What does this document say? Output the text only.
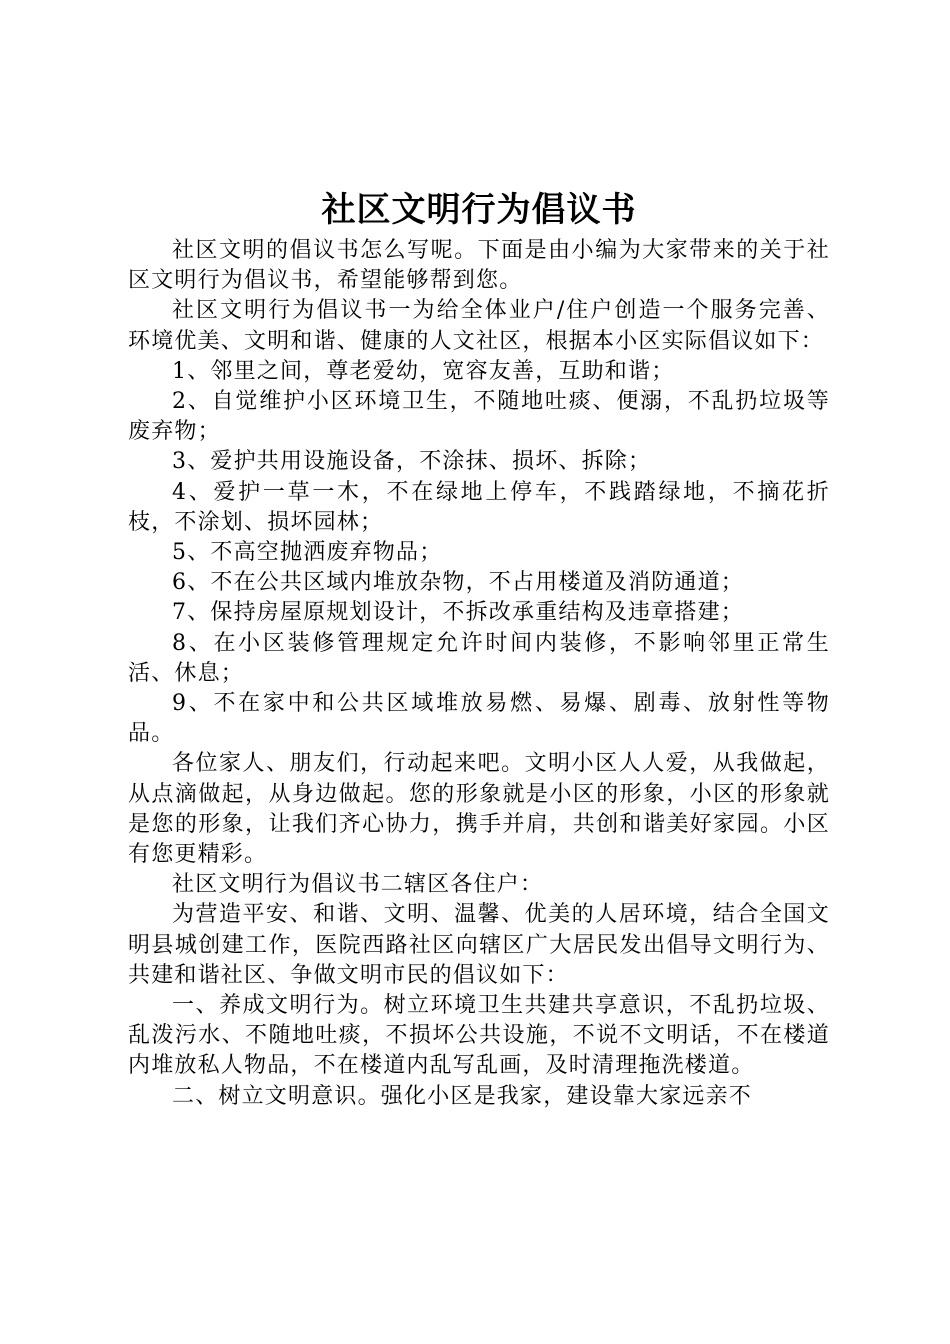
社区文明行为倡议书

社区文明的倡议书怎么写呢。下面是由小编为大家带来的关于社区文明行为倡议书，希望能够帮到您。

社区文明行为倡议书一为给全体业户/住户创造一个服务完善、环境优美、文明和谐、健康的人文社区，根据本小区实际倡议如下：

1、邻里之间，尊老爱幼，宽容友善，互助和谐；

2、自觉维护小区环境卫生，不随地吐痰、便溺，不乱扔垃圾等废弃物；

3、爱护共用设施设备，不涂抹、损坏、拆除；

4、爱护一草一木，不在绿地上停车，不践踏绿地，不摘花折枝，不涂划、损坏园林；

5、不高空抛洒废弃物品；

6、不在公共区域内堆放杂物，不占用楼道及消防通道；

7、保持房屋原规划设计，不拆改承重结构及违章搭建；

8、在小区装修管理规定允许时间内装修，不影响邻里正常生活、休息；

9、不在家中和公共区域堆放易燃、易爆、剧毒、放射性等物品。

各位家人、朋友们，行动起来吧。文明小区人人爱，从我做起，从点滴做起，从身边做起。您的形象就是小区的形象，小区的形象就是您的形象，让我们齐心协力，携手并肩，共创和谐美好家园。小区有您更精彩。

社区文明行为倡议书二辖区各住户：

为营造平安、和谐、文明、温馨、优美的人居环境，结合全国文明县城创建工作，医院西路社区向辖区广大居民发出倡导文明行为、共建和谐社区、争做文明市民的倡议如下：

一、养成文明行为。树立环境卫生共建共享意识，不乱扔垃圾、乱泼污水、不随地吐痰，不损坏公共设施，不说不文明话，不在楼道内堆放私人物品，不在楼道内乱写乱画，及时清理拖洗楼道。

二、树立文明意识。强化小区是我家，建设靠大家远亲不
